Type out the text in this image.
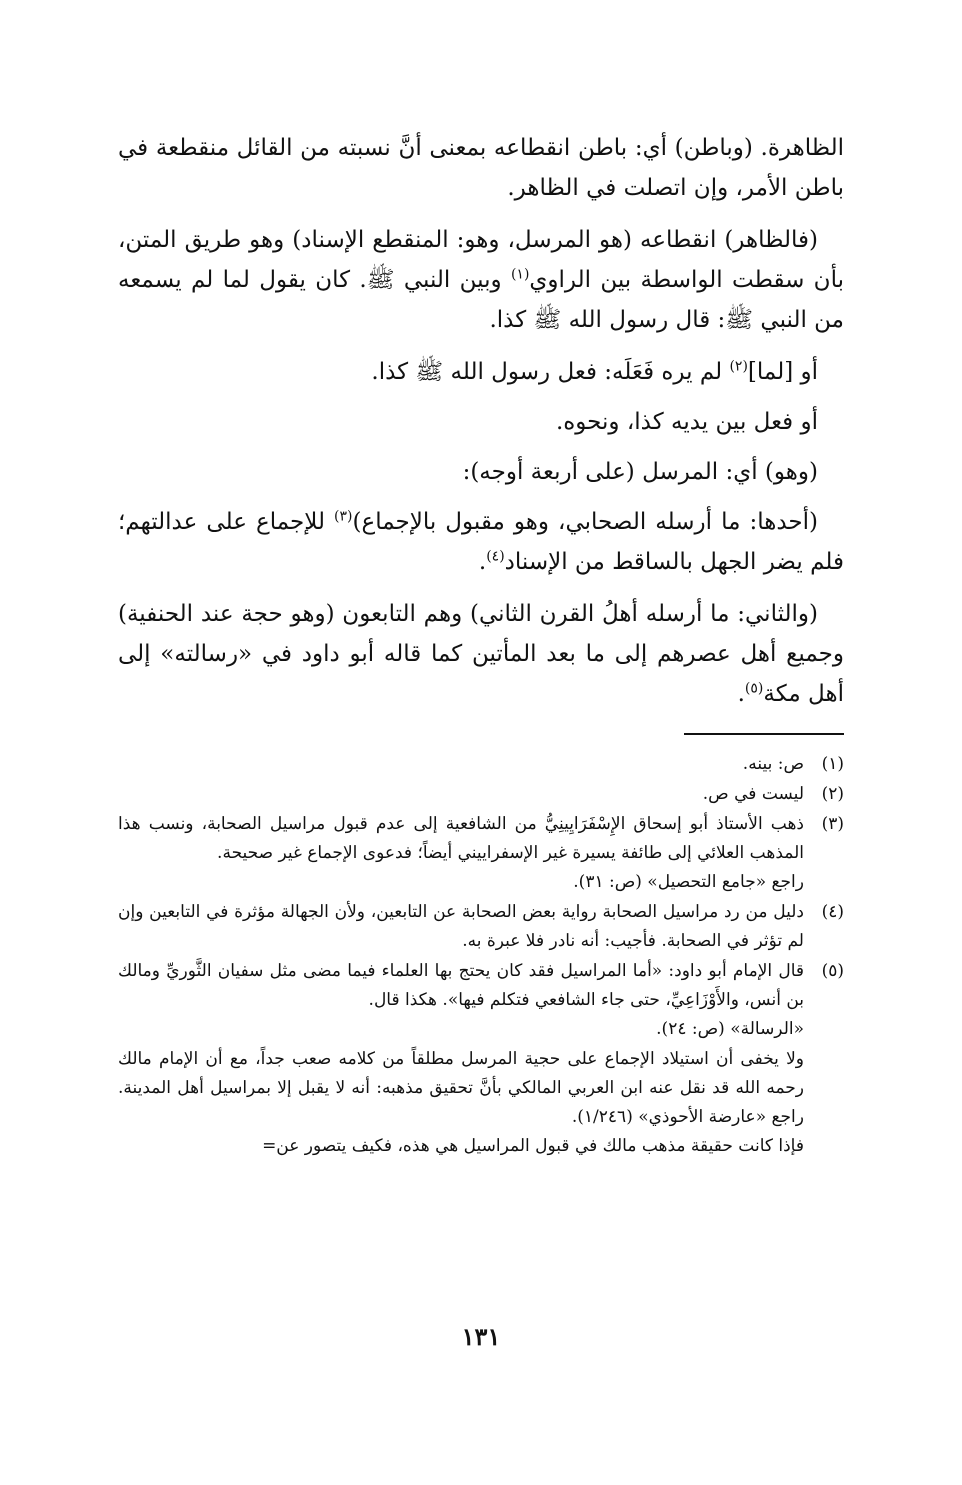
الظاهرة. (وباطن) أي: باطن انقطاعه بمعنى أنَّ نسبته من القائل منقطعة في باطن الأمر، وإن اتصلت في الظاهر.

(فالظاهر) انقطاعه (هو المرسل، وهو: المنقطع الإسناد) وهو طريق المتن، بأن سقطت الواسطة بين الراوي$^{(١)}$ وبين النبي ﷺ. كان يقول لما لم يسمعه من النبي ﷺ: قال رسول الله ﷺ كذا.

أو [لما]$^{(٢)}$ لم يره فَعَلَه: فعل رسول الله ﷺ كذا.

أو فعل بين يديه كذا، ونحوه.

(وهو) أي: المرسل (على أربعة أوجه):

(أحدها: ما أرسله الصحابي، وهو مقبول بالإجماع)$^{(٣)}$ للإجماع على عدالتهم؛ فلم يضر الجهل بالساقط من الإسناد$^{(٤)}$.

(والثاني: ما أرسله أهلُ القرن الثاني) وهم التابعون (وهو حجة عند الحنفية) وجميع أهل عصرهم إلى ما بعد المأتين كما قاله أبو داود في «رسالته» إلى أهل مكة$^{(٥)}$.

(١)
ص: بينه.
(٢)
ليست في ص.
(٣)
ذهب الأستاذ أبو إسحاق الإِسْفَرَايِينِيُّ من الشافعية إلى عدم قبول مراسيل الصحابة، ونسب هذا المذهب العلائي إلى طائفة يسيرة غير الإسفراييني أيضاً؛ فدعوى الإجماع غير صحيحة.
راجع «جامع التحصيل» (ص: ٣١).
(٤)
دليل من رد مراسيل الصحابة رواية بعض الصحابة عن التابعين، ولأن الجهالة مؤثرة في التابعين وإن لم تؤثر في الصحابة. فأجيب: أنه نادر فلا عبرة به.
(٥)
قال الإمام أبو داود: «أما المراسيل فقد كان يحتج بها العلماء فيما مضى مثل سفيان الثَّوريِّ ومالك بن أنس، والأَوْزَاعِيِّ، حتى جاء الشافعي فتكلم فيها». هكذا قال.
«الرسالة» (ص: ٢٤).
ولا يخفى أن استيلاد الإجماع على حجية المرسل مطلقاً من كلامه صعب جداً، مع أن الإمام مالك رحمه الله قد نقل عنه ابن العربي المالكي بأنَّ تحقيق مذهبه: أنه لا يقبل إلا بمراسيل أهل المدينة. راجع «عارضة الأحوذي» (١/٢٤٦).
فإذا كانت حقيقة مذهب مالك في قبول المراسيل هي هذه، فكيف يتصور عن=
١٣١
